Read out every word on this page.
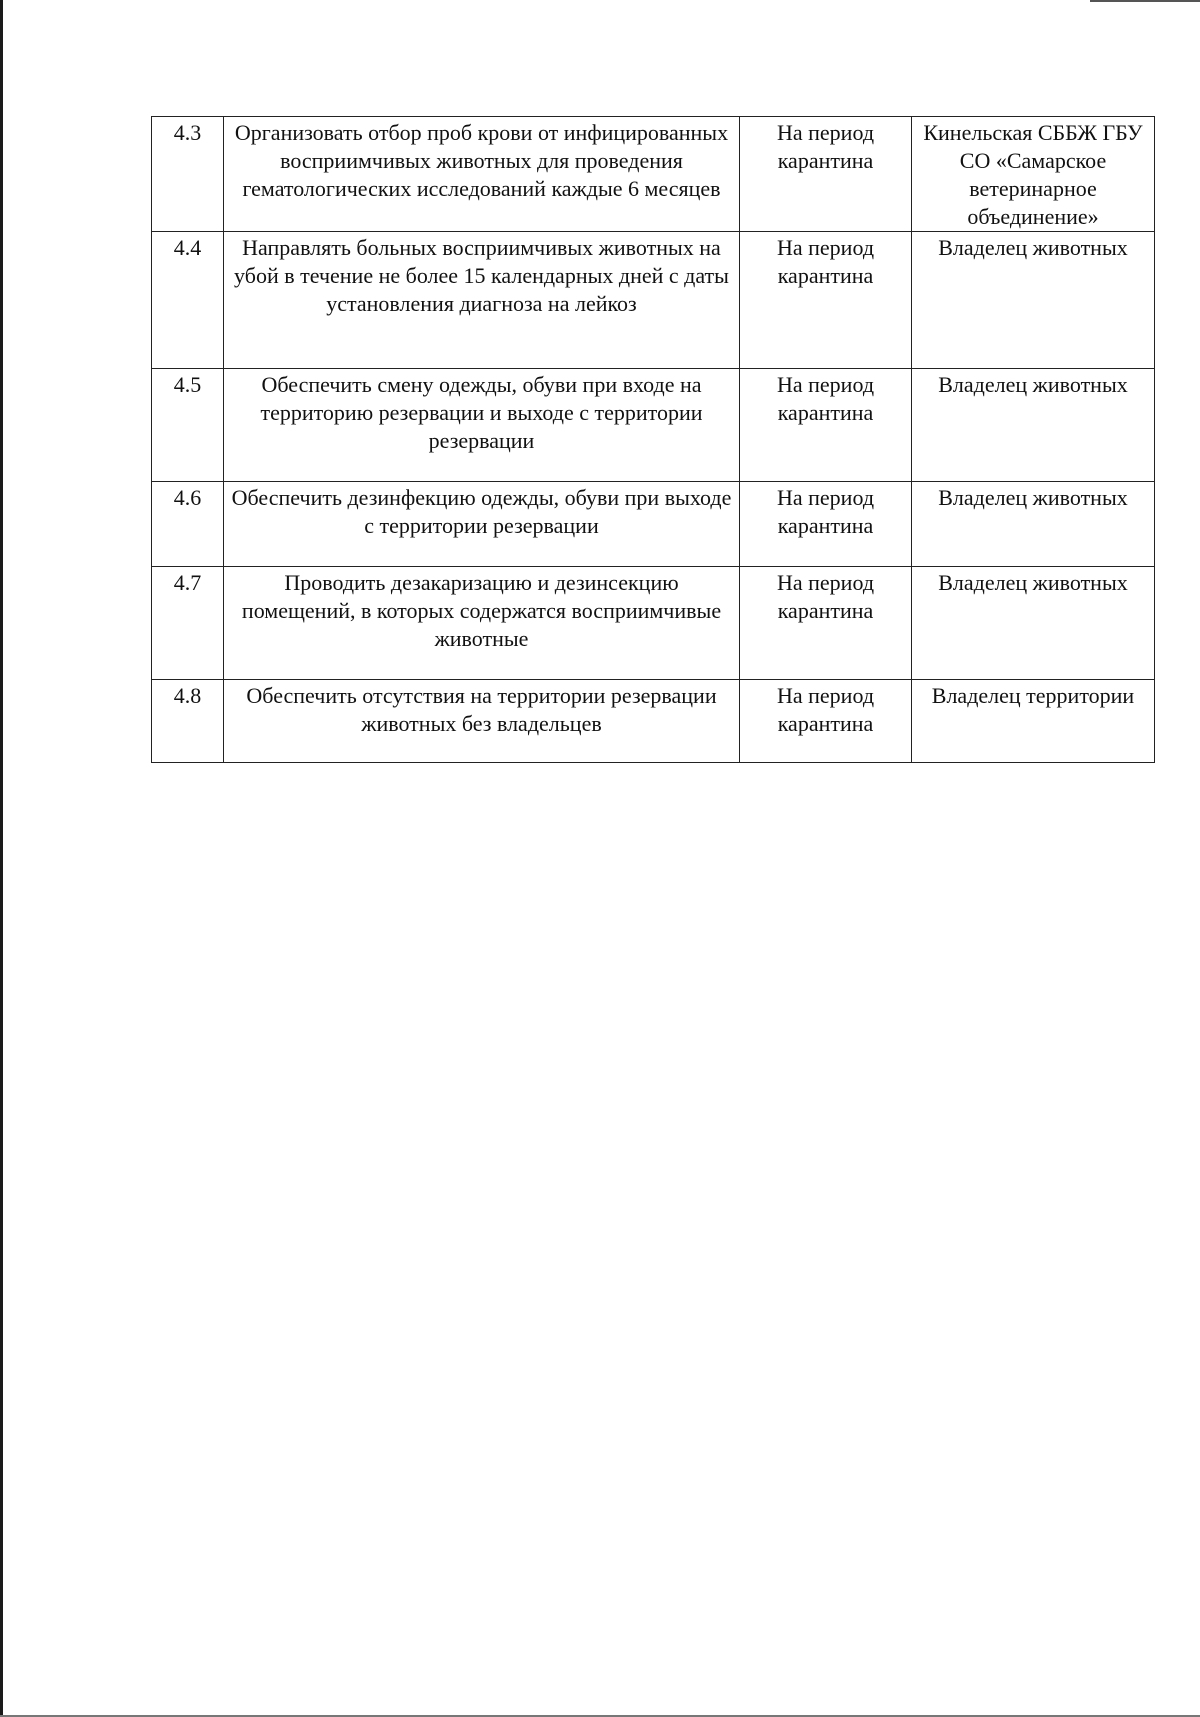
4.3	Организовать отбор проб крови от инфицированных восприимчивых животных для проведения гематологических исследований каждые 6 месяцев	На период карантина	Кинельская СББЖ ГБУ СО «Самарское ветеринарное объединение»
4.4	Направлять больных восприимчивых животных на убой в течение не более 15 календарных дней с даты установления диагноза на лейкоз	На период карантина	Владелец животных
4.5	Обеспечить смену одежды, обуви при входе на территорию резервации и выходе с территории резервации	На период карантина	Владелец животных
4.6	Обеспечить дезинфекцию одежды, обуви при выходе с территории резервации	На период карантина	Владелец животных
4.7	Проводить дезакаризацию и дезинсекцию помещений, в которых содержатся восприимчивые животные	На период карантина	Владелец животных
4.8	Обеспечить отсутствия на территории резервации животных без владельцев	На период карантина	Владелец территории
